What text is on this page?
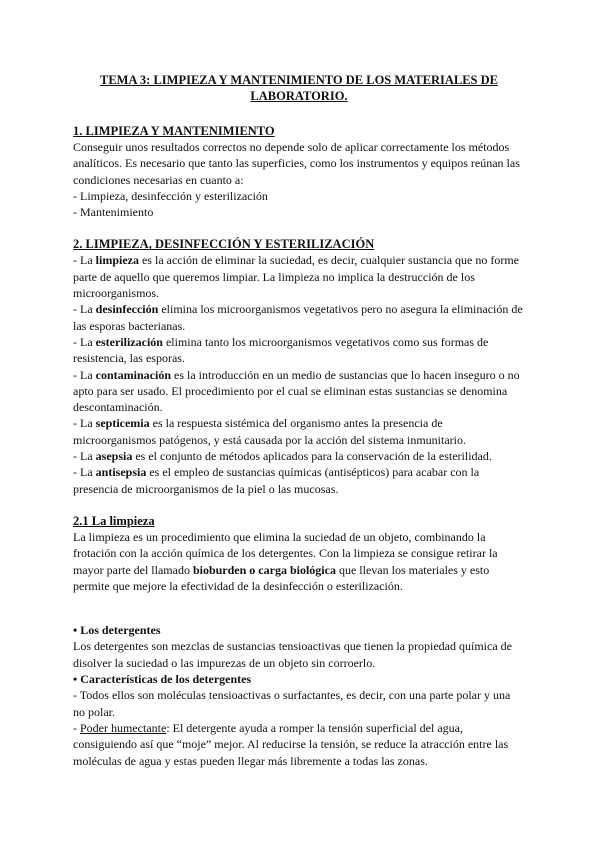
TEMA 3: LIMPIEZA Y MANTENIMIENTO DE LOS MATERIALES DE
LABORATORIO.
1. LIMPIEZA Y MANTENIMIENTO

Conseguir unos resultados correctos no depende solo de aplicar correctamente los métodos analíticos. Es necesario que tanto las superficies, como los instrumentos y equipos reúnan las condiciones necesarias en cuanto a:

- Limpieza, desinfección y esterilización

- Mantenimiento

2. LIMPIEZA, DESINFECCIÓN Y ESTERILIZACIÓN

- La limpieza es la acción de eliminar la suciedad, es decir, cualquier sustancia que no forme parte de aquello que queremos limpiar. La limpieza no implica la destrucción de los microorganismos.

- La desinfección elimina los microorganismos vegetativos pero no asegura la eliminación de las esporas bacterianas.

- La esterilización elimina tanto los microorganismos vegetativos como sus formas de resistencia, las esporas.

- La contaminación es la introducción en un medio de sustancias que lo hacen inseguro o no apto para ser usado. El procedimiento por el cual se eliminan estas sustancias se denomina descontaminación.

- La septicemia es la respuesta sistémica del organismo antes la presencia de microorganismos patógenos, y está causada por la acción del sistema inmunitario.

- La asepsia es el conjunto de métodos aplicados para la conservación de la esterilidad.

- La antisepsia es el empleo de sustancias químicas (antisépticos) para acabar con la presencia de microorganismos de la piel o las mucosas.

2.1 La limpieza

La limpieza es un procedimiento que elimina la suciedad de un objeto, combinando la frotación con la acción química de los detergentes. Con la limpieza se consigue retirar la mayor parte del llamado bioburden o carga biológica que llevan los materiales y esto permite que mejore la efectividad de la desinfección o esterilización.

• Los detergentes

Los detergentes son mezclas de sustancias tensioactivas que tienen la propiedad química de disolver la suciedad o las impurezas de un objeto sin corroerlo.

• Características de los detergentes

- Todos ellos son moléculas tensioactivas o surfactantes, es decir, con una parte polar y una no polar.

- Poder humectante: El detergente ayuda a romper la tensión superficial del agua, consiguiendo así que “moje” mejor. Al reducirse la tensión, se reduce la atracción entre las moléculas de agua y estas pueden llegar más libremente a todas las zonas.
